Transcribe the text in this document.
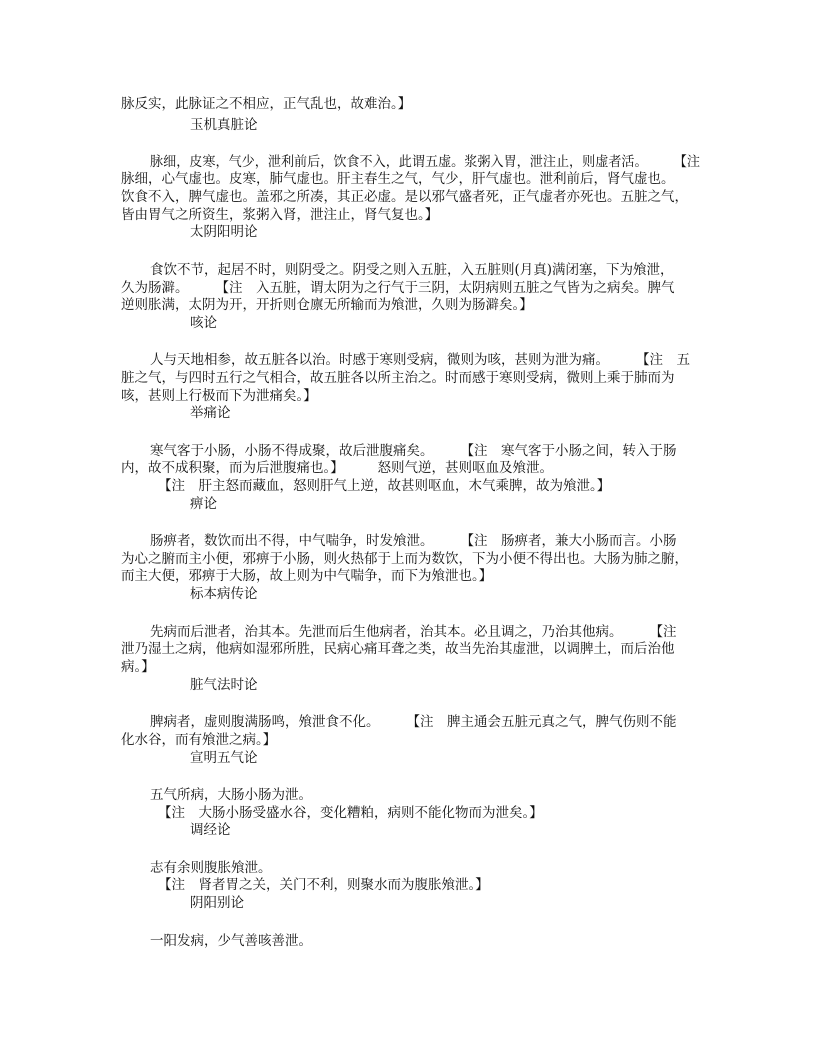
脉反实，此脉证之不相应，正气乱也，故难治。】
玉机真脏论
脉细，皮寒，气少，泄利前后，饮食不入，此谓五虚。浆粥入胃，泄注止，则虚者活。　　　【注
脉细，心气虚也。皮寒，肺气虚也。肝主春生之气，气少，肝气虚也。泄利前后，肾气虚也。
饮食不入，脾气虚也。盖邪之所凑，其正必虚。是以邪气盛者死，正气虚者亦死也。五脏之气，
皆由胃气之所资生，浆粥入肾，泄注止，肾气复也。】
太阴阳明论
食饮不节，起居不时，则阴受之。阴受之则入五脏，入五脏则(月真)满闭塞，下为飧泄，
久为肠澼。　　　【注　入五脏，谓太阴为之行气于三阴，太阴病则五脏之气皆为之病矣。脾气
逆则胀满，太阴为开，开折则仓廪无所输而为飧泄，久则为肠澼矣。】
咳论
人与天地相参，故五脏各以治。时感于寒则受病，微则为咳，甚则为泄为痛。　　　【注　五
脏之气，与四时五行之气相合，故五脏各以所主治之。时而感于寒则受病，微则上乘于肺而为
咳，甚则上行极而下为泄痛矣。】
举痛论
寒气客于小肠，小肠不得成聚，故后泄腹痛矣。　　　【注　寒气客于小肠之间，转入于肠
内，故不成积聚，而为后泄腹痛也。】　　　怒则气逆，甚则呕血及飧泄。
【注　肝主怒而藏血，怒则肝气上逆，故甚则呕血，木气乘脾，故为飧泄。】
痹论
肠痹者，数饮而出不得，中气喘争，时发飧泄。　　　【注　肠痹者，兼大小肠而言。小肠
为心之腑而主小便，邪痹于小肠，则火热郁于上而为数饮，下为小便不得出也。大肠为肺之腑，
而主大便，邪痹于大肠，故上则为中气喘争，而下为飧泄也。】
标本病传论
先病而后泄者，治其本。先泄而后生他病者，治其本。必且调之，乃治其他病。　　　【注
泄乃湿土之病，他病如湿邪所胜，民病心痛耳聋之类，故当先治其虚泄，以调脾土，而后治他
病。】
脏气法时论
脾病者，虚则腹满肠鸣，飧泄食不化。　　　【注　脾主通会五脏元真之气，脾气伤则不能
化水谷，而有飧泄之病。】
宣明五气论
五气所病，大肠小肠为泄。
【注　大肠小肠受盛水谷，变化糟粕，病则不能化物而为泄矣。】
调经论
志有余则腹胀飧泄。
【注　肾者胃之关，关门不利，则聚水而为腹胀飧泄。】
阴阳别论
一阳发病，少气善咳善泄。
